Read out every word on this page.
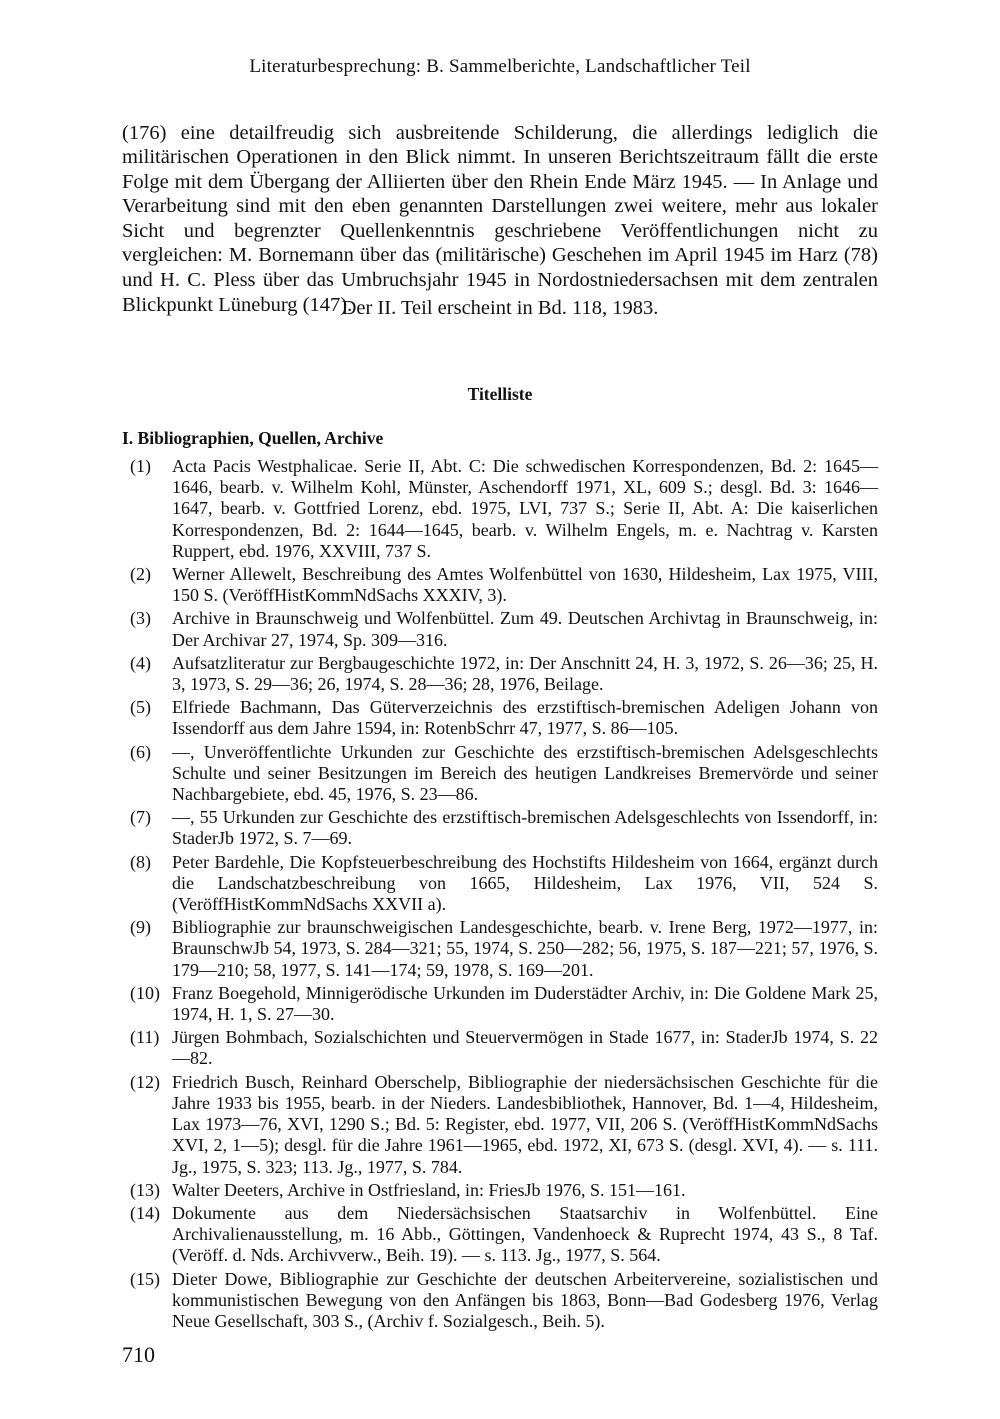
Literaturbesprechung: B. Sammelberichte, Landschaftlicher Teil

(176) eine detailfreudig sich ausbreitende Schilderung, die allerdings lediglich die militärischen Operationen in den Blick nimmt. In unseren Berichtszeitraum fällt die erste Folge mit dem Übergang der Alliierten über den Rhein Ende März 1945. — In Anlage und Verarbeitung sind mit den eben genannten Darstellungen zwei weitere, mehr aus lokaler Sicht und begrenzter Quellenkenntnis geschriebene Veröffentlichungen nicht zu vergleichen: M. Bornemann über das (militärische) Geschehen im April 1945 im Harz (78) und H. C. Pless über das Umbruchsjahr 1945 in Nordostniedersachsen mit dem zentralen Blickpunkt Lüneburg (147).

Der II. Teil erscheint in Bd. 118, 1983.
Titelliste
I. Bibliographien, Quellen, Archive
(1)	Acta Pacis Westphalicae. Serie II, Abt. C: Die schwedischen Korrespondenzen, Bd. 2: 1645—1646, bearb. v. Wilhelm Kohl, Münster, Aschendorff 1971, XL, 609 S.; desgl. Bd. 3: 1646—1647, bearb. v. Gottfried Lorenz, ebd. 1975, LVI, 737 S.; Serie II, Abt. A: Die kaiserlichen Korrespondenzen, Bd. 2: 1644—1645, bearb. v. Wilhelm Engels, m. e. Nachtrag v. Karsten Ruppert, ebd. 1976, XXVIII, 737 S.
(2)	Werner Allewelt, Beschreibung des Amtes Wolfenbüttel von 1630, Hildesheim, Lax 1975, VIII, 150 S. (VeröffHistKommNdSachs XXXIV, 3).
(3)	Archive in Braunschweig und Wolfenbüttel. Zum 49. Deutschen Archivtag in Braunschweig, in: Der Archivar 27, 1974, Sp. 309—316.
(4)	Aufsatzliteratur zur Bergbaugeschichte 1972, in: Der Anschnitt 24, H. 3, 1972, S. 26—36; 25, H. 3, 1973, S. 29—36; 26, 1974, S. 28—36; 28, 1976, Beilage.
(5)	Elfriede Bachmann, Das Güterverzeichnis des erzstiftisch-bremischen Adeligen Johann von Issendorff aus dem Jahre 1594, in: RotenbSchrr 47, 1977, S. 86—105.
(6)	—, Unveröffentlichte Urkunden zur Geschichte des erzstiftisch-bremischen Adelsgeschlechts Schulte und seiner Besitzungen im Bereich des heutigen Landkreises Bremervörde und seiner Nachbargebiete, ebd. 45, 1976, S. 23—86.
(7)	—, 55 Urkunden zur Geschichte des erzstiftisch-bremischen Adelsgeschlechts von Issendorff, in: StaderJb 1972, S. 7—69.
(8)	Peter Bardehle, Die Kopfsteuerbeschreibung des Hochstifts Hildesheim von 1664, ergänzt durch die Landschatzbeschreibung von 1665, Hildesheim, Lax 1976, VII, 524 S. (VeröffHistKommNdSachs XXVII a).
(9)	Bibliographie zur braunschweigischen Landesgeschichte, bearb. v. Irene Berg, 1972—1977, in: BraunschwJb 54, 1973, S. 284—321; 55, 1974, S. 250—282; 56, 1975, S. 187—221; 57, 1976, S. 179—210; 58, 1977, S. 141—174; 59, 1978, S. 169—201.
(10) Franz Boegehold, Minnigerödische Urkunden im Duderstädter Archiv, in: Die Goldene Mark 25, 1974, H. 1, S. 27—30.
(11) Jürgen Bohmbach, Sozialschichten und Steuervermögen in Stade 1677, in: StaderJb 1974, S. 22—82.
(12) Friedrich Busch, Reinhard Oberschelp, Bibliographie der niedersächsischen Geschichte für die Jahre 1933 bis 1955, bearb. in der Nieders. Landesbibliothek, Hannover, Bd. 1—4, Hildesheim, Lax 1973—76, XVI, 1290 S.; Bd. 5: Register, ebd. 1977, VII, 206 S. (VeröffHistKommNdSachs XVI, 2, 1—5); desgl. für die Jahre 1961—1965, ebd. 1972, XI, 673 S. (desgl. XVI, 4). — s. 111. Jg., 1975, S. 323; 113. Jg., 1977, S. 784.
(13) Walter Deeters, Archive in Ostfriesland, in: FriesJb 1976, S. 151—161.
(14) Dokumente aus dem Niedersächsischen Staatsarchiv in Wolfenbüttel. Eine Archivalienausstellung, m. 16 Abb., Göttingen, Vandenhoeck & Ruprecht 1974, 43 S., 8 Taf. (Veröff. d. Nds. Archivverw., Beih. 19). — s. 113. Jg., 1977, S. 564.
(15) Dieter Dowe, Bibliographie zur Geschichte der deutschen Arbeitervereine, sozialistischen und kommunistischen Bewegung von den Anfängen bis 1863, Bonn—Bad Godesberg 1976, Verlag Neue Gesellschaft, 303 S., (Archiv f. Sozialgesch., Beih. 5).
710
